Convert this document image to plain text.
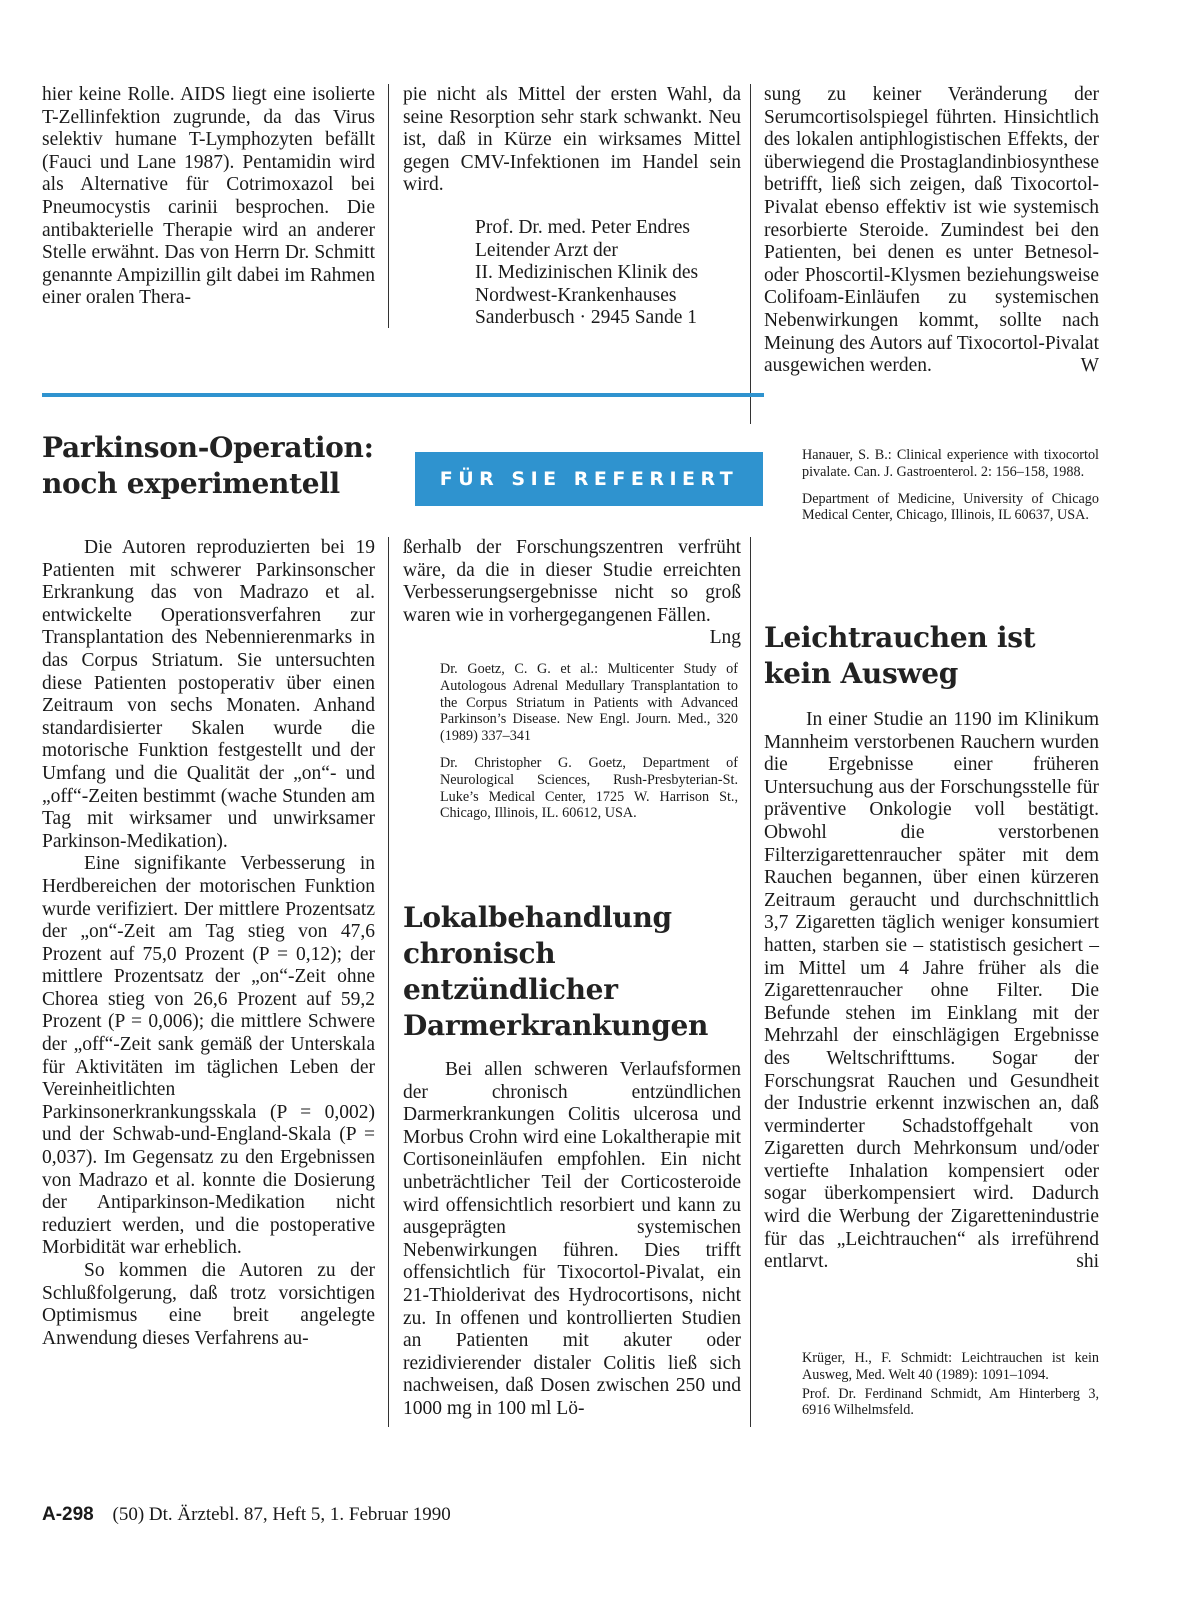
hier keine Rolle. AIDS liegt eine isolierte T-Zellinfektion zugrunde, da das Virus selektiv humane T-Lymphozyten befällt (Fauci und Lane 1987). Pentamidin wird als Alternative für Cotrimoxazol bei Pneumocystis carinii besprochen. Die antibakterielle Therapie wird an anderer Stelle erwähnt. Das von Herrn Dr. Schmitt genannte Ampizillin gilt dabei im Rahmen einer oralen Thera-

pie nicht als Mittel der ersten Wahl, da seine Resorption sehr stark schwankt. Neu ist, daß in Kürze ein wirksames Mittel gegen CMV-Infektionen im Handel sein wird.

Prof. Dr. med. Peter Endres
Leitender Arzt der
II. Medizinischen Klinik des
Nordwest-Krankenhauses
Sanderbusch · 2945 Sande 1

sung zu keiner Veränderung der Serumcortisolspiegel führten. Hinsichtlich des lokalen antiphlogistischen Effekts, der überwiegend die Prostaglandinbiosynthese betrifft, ließ sich zeigen, daß Tixocortol-Pivalat ebenso effektiv ist wie systemisch resorbierte Steroide. Zumindest bei den Patienten, bei denen es unter Betnesol- oder Phoscortil-Klysmen beziehungsweise Colifoam-Einläufen zu systemischen Nebenwirkungen kommt, sollte nach Meinung des Autors auf Tixocortol-Pivalat ausgewichen werden.	W

Hanauer, S. B.: Clinical experience with tixocortol pivalate. Can. J. Gastroenterol. 2: 156–158, 1988.

Department of Medicine, University of Chicago Medical Center, Chicago, Illinois, IL 60637, USA.

Parkinson-Operation:
noch experimentell	FÜR SIE REFERIERT

Die Autoren reproduzierten bei 19 Patienten mit schwerer Parkinsonscher Erkrankung das von Madrazo et al. entwickelte Operationsverfahren zur Transplantation des Nebennierenmarks in das Corpus Striatum. Sie untersuchten diese Patienten postoperativ über einen Zeitraum von sechs Monaten. Anhand standardisierter Skalen wurde die motorische Funktion festgestellt und der Umfang und die Qualität der „on“- und „off“-Zeiten bestimmt (wache Stunden am Tag mit wirksamer und unwirksamer Parkinson-Medikation).

Eine signifikante Verbesserung in Herdbereichen der motorischen Funktion wurde verifiziert. Der mittlere Prozentsatz der „on“-Zeit am Tag stieg von 47,6 Prozent auf 75,0 Prozent (P = 0,12); der mittlere Prozentsatz der „on“-Zeit ohne Chorea stieg von 26,6 Prozent auf 59,2 Prozent (P = 0,006); die mittlere Schwere der „off“-Zeit sank gemäß der Unterskala für Aktivitäten im täglichen Leben der Vereinheitlichten Parkinsonerkrankungsskala (P = 0,002) und der Schwab-und-England-Skala (P = 0,037). Im Gegensatz zu den Ergebnissen von Madrazo et al. konnte die Dosierung der Antiparkinson-Medikation nicht reduziert werden, und die postoperative Morbidität war erheblich.

So kommen die Autoren zu der Schlußfolgerung, daß trotz vorsichtigen Optimismus eine breit angelegte Anwendung dieses Verfahrens au-

ßerhalb der Forschungszentren verfrüht wäre, da die in dieser Studie erreichten Verbesserungsergebnisse nicht so groß waren wie in vorhergegangenen Fällen.
Lng

Dr. Goetz, C. G. et al.: Multicenter Study of Autologous Adrenal Medullary Transplantation to the Corpus Striatum in Patients with Advanced Parkinson’s Disease. New Engl. Journ. Med., 320 (1989) 337–341

Dr. Christopher G. Goetz, Department of Neurological Sciences, Rush-Presbyterian-St. Luke’s Medical Center, 1725 W. Harrison St., Chicago, Illinois, IL. 60612, USA.

Lokalbehandlung
chronisch
entzündlicher
Darmerkrankungen

Bei allen schweren Verlaufsformen der chronisch entzündlichen Darmerkrankungen Colitis ulcerosa und Morbus Crohn wird eine Lokaltherapie mit Cortisoneinläufen empfohlen. Ein nicht unbeträchtlicher Teil der Corticosteroide wird offensichtlich resorbiert und kann zu ausgeprägten systemischen Nebenwirkungen führen. Dies trifft offensichtlich für Tixocortol-Pivalat, ein 21-Thiolderivat des Hydrocortisons, nicht zu. In offenen und kontrollierten Studien an Patienten mit akuter oder rezidivierender distaler Colitis ließ sich nachweisen, daß Dosen zwischen 250 und 1000 mg in 100 ml Lö-

Leichtrauchen ist
kein Ausweg

In einer Studie an 1190 im Klinikum Mannheim verstorbenen Rauchern wurden die Ergebnisse einer früheren Untersuchung aus der Forschungsstelle für präventive Onkologie voll bestätigt. Obwohl die verstorbenen Filterzigarettenraucher später mit dem Rauchen begannen, über einen kürzeren Zeitraum geraucht und durchschnittlich 3,7 Zigaretten täglich weniger konsumiert hatten, starben sie – statistisch gesichert – im Mittel um 4 Jahre früher als die Zigarettenraucher ohne Filter. Die Befunde stehen im Einklang mit der Mehrzahl der einschlägigen Ergebnisse des Weltschrifttums. Sogar der Forschungsrat Rauchen und Gesundheit der Industrie erkennt inzwischen an, daß verminderter Schadstoffgehalt von Zigaretten durch Mehrkonsum und/oder vertiefte Inhalation kompensiert oder sogar überkompensiert wird. Dadurch wird die Werbung der Zigarettenindustrie für das „Leichtrauchen“ als irreführend entlarvt.	shi

Krüger, H., F. Schmidt: Leichtrauchen ist kein Ausweg, Med. Welt 40 (1989): 1091–1094.

Prof. Dr. Ferdinand Schmidt, Am Hinterberg 3, 6916 Wilhelmsfeld.

A-298 (50) Dt. Ärztebl. 87, Heft 5, 1. Februar 1990
